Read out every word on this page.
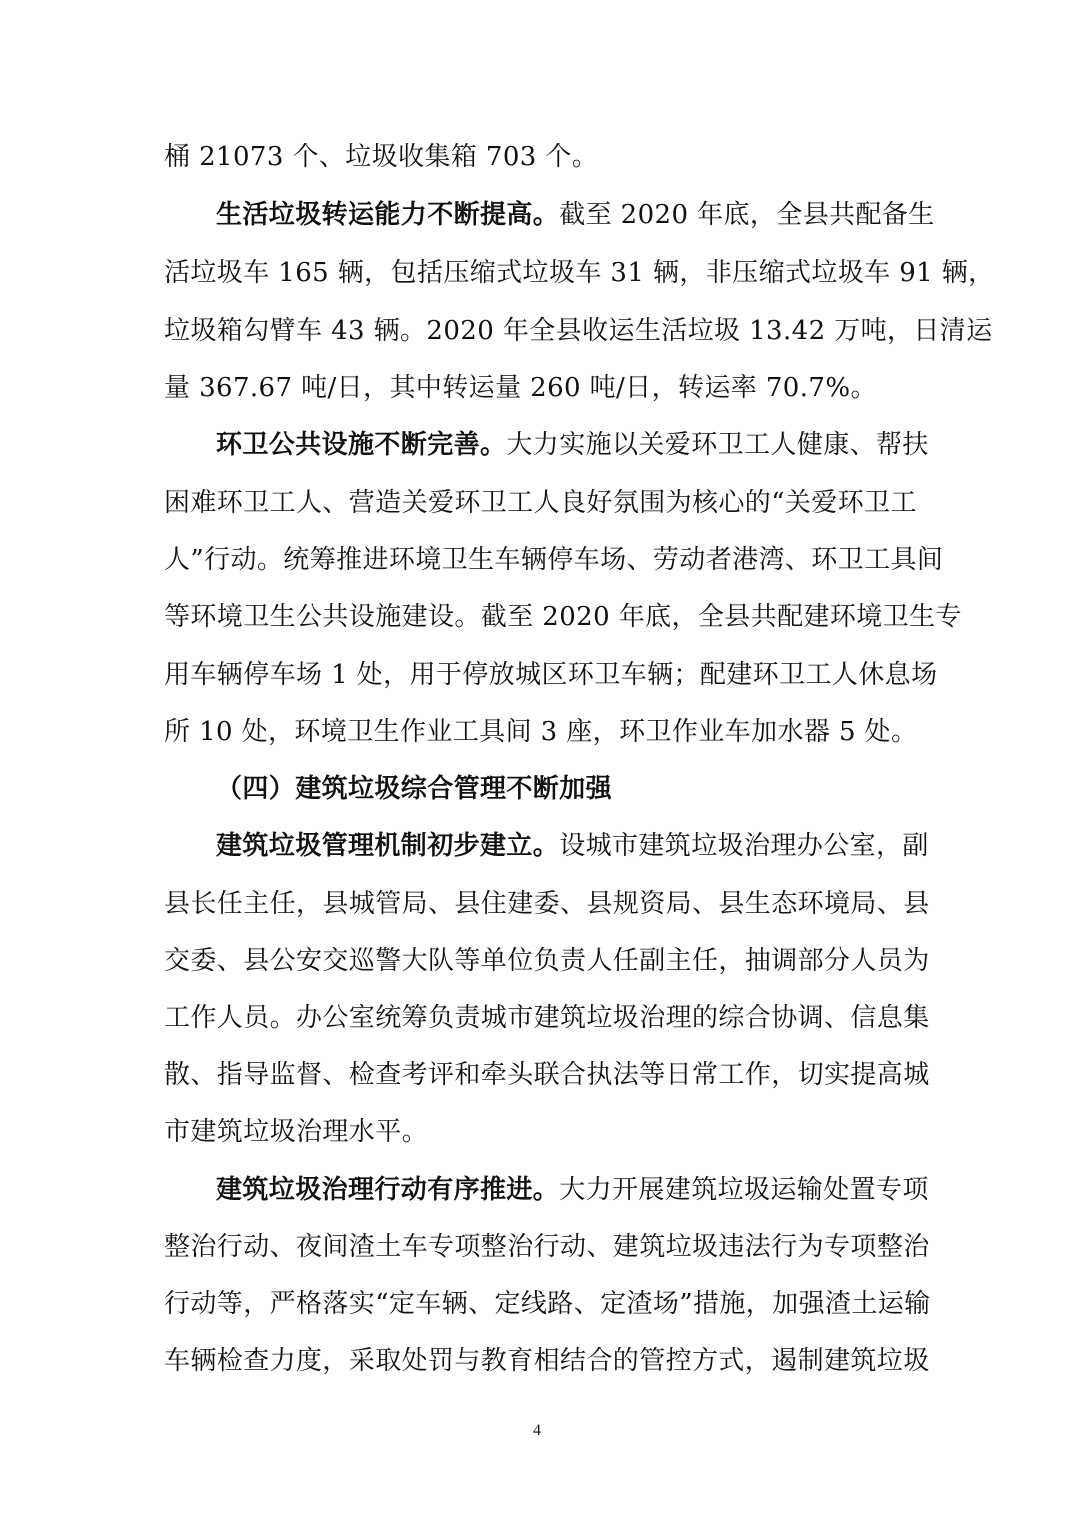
桶 21073 个、垃圾收集箱 703 个。
生活垃圾转运能力不断提高。截至 2020 年底，全县共配备生
活垃圾车 165 辆，包括压缩式垃圾车 31 辆，非压缩式垃圾车 91 辆，
垃圾箱勾臂车 43 辆。2020 年全县收运生活垃圾 13.42 万吨，日清运
量 367.67 吨/日，其中转运量 260 吨/日，转运率 70.7%。
环卫公共设施不断完善。大力实施以关爱环卫工人健康、帮扶
困难环卫工人、营造关爱环卫工人良好氛围为核心的“关爱环卫工
人”行动。统筹推进环境卫生车辆停车场、劳动者港湾、环卫工具间
等环境卫生公共设施建设。截至 2020 年底，全县共配建环境卫生专
用车辆停车场 1 处，用于停放城区环卫车辆；配建环卫工人休息场
所 10 处，环境卫生作业工具间 3 座，环卫作业车加水器 5 处。
（四）建筑垃圾综合管理不断加强
建筑垃圾管理机制初步建立。设城市建筑垃圾治理办公室，副
县长任主任，县城管局、县住建委、县规资局、县生态环境局、县
交委、县公安交巡警大队等单位负责人任副主任，抽调部分人员为
工作人员。办公室统筹负责城市建筑垃圾治理的综合协调、信息集
散、指导监督、检查考评和牵头联合执法等日常工作，切实提高城
市建筑垃圾治理水平。
建筑垃圾治理行动有序推进。大力开展建筑垃圾运输处置专项
整治行动、夜间渣土车专项整治行动、建筑垃圾违法行为专项整治
行动等，严格落实“定车辆、定线路、定渣场”措施，加强渣土运输
车辆检查力度，采取处罚与教育相结合的管控方式，遏制建筑垃圾
4
